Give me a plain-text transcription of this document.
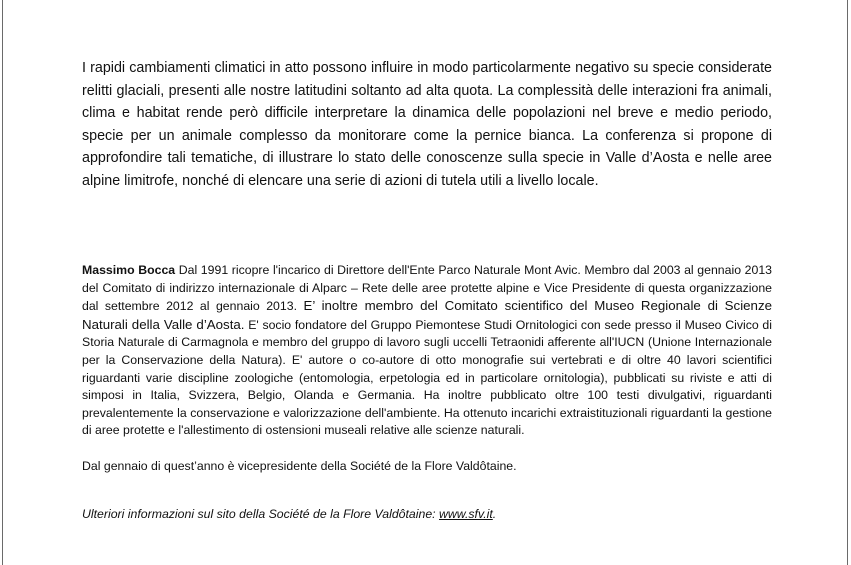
I rapidi cambiamenti climatici in atto possono influire in modo particolarmente negativo su specie considerate relitti glaciali, presenti alle nostre latitudini soltanto ad alta quota. La complessità delle interazioni fra animali, clima e habitat rende però difficile interpretare la dinamica delle popolazioni nel breve e medio periodo, specie per un animale complesso da monitorare come la pernice bianca. La conferenza si propone di approfondire tali tematiche, di illustrare lo stato delle conoscenze sulla specie in Valle d’Aosta e nelle aree alpine limitrofe, nonché di elencare una serie di azioni di tutela utili a livello locale.

Massimo Bocca Dal 1991 ricopre l'incarico di Direttore dell'Ente Parco Naturale Mont Avic. Membro dal 2003 al gennaio 2013 del Comitato di indirizzo internazionale di Alparc – Rete delle aree protette alpine e Vice Presidente di questa organizzazione dal settembre 2012 al gennaio 2013. E’ inoltre membro del Comitato scientifico del Museo Regionale di Scienze Naturali della Valle d’Aosta. E' socio fondatore del Gruppo Piemontese Studi Ornitologici con sede presso il Museo Civico di Storia Naturale di Carmagnola e membro del gruppo di lavoro sugli uccelli Tetraonidi afferente all'IUCN (Unione Internazionale per la Conservazione della Natura). E' autore o co-autore di otto monografie sui vertebrati e di oltre 40 lavori scientifici riguardanti varie discipline zoologiche (entomologia, erpetologia ed in particolare ornitologia), pubblicati su riviste e atti di simposi in Italia, Svizzera, Belgio, Olanda e Germania. Ha inoltre pubblicato oltre 100 testi divulgativi, riguardanti prevalentemente la conservazione e valorizzazione dell'ambiente. Ha ottenuto incarichi extraistituzionali riguardanti la gestione di aree protette e l'allestimento di ostensioni museali relative alle scienze naturali.

Dal gennaio di quest’anno è vicepresidente della Société de la Flore Valdôtaine.

Ulteriori informazioni sul sito della Société de la Flore Valdôtaine: www.sfv.it.
